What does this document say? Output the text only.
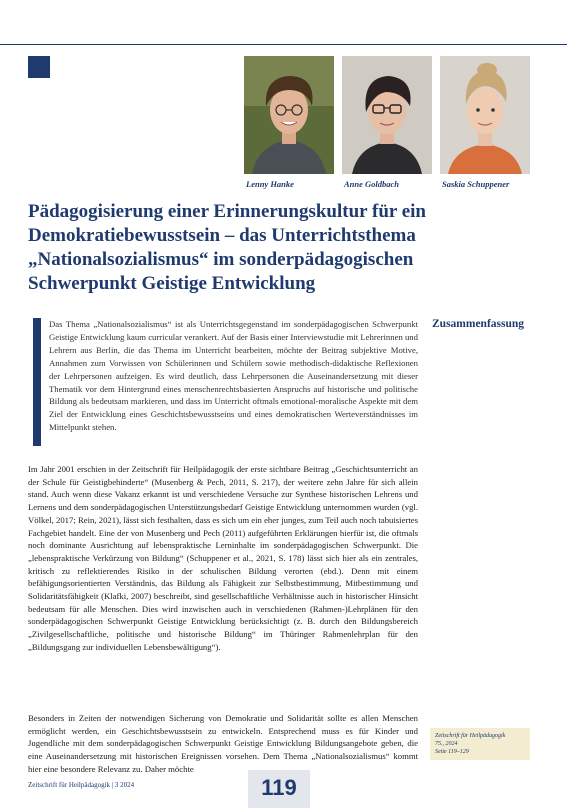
Lenny Hanke	Anne Goldbach	Saskia Schuppener
Pädagogisierung einer Erinnerungskultur für ein Demokratiebewusstsein – das Unterrichtsthema „Nationalsozialismus“ im sonderpädagogischen Schwerpunkt Geistige Entwicklung

Das Thema „Nationalsozialismus“ ist als Unterrichtsgegenstand im sonderpädagogischen Schwerpunkt Geistige Entwicklung kaum curricular verankert. Auf der Basis einer Interviewstudie mit Lehrerinnen und Lehrern aus Berlin, die das Thema im Unterricht bearbeiten, möchte der Beitrag subjektive Motive, Annahmen zum Vorwissen von Schülerinnen und Schülern sowie methodisch-didaktische Reflexionen der Lehrpersonen aufzeigen. Es wird deutlich, dass Lehrpersonen die Auseinandersetzung mit dieser Thematik vor dem Hintergrund eines menschenrechtsbasierten Anspruchs auf historische und politische Bildung als bedeutsam markieren, und dass im Unterricht oftmals emotional-moralische Aspekte mit dem Ziel der Entwicklung eines Geschichtsbewusstseins und eines demokratischen Werteverständnisses im Mittelpunkt stehen.

Zusammenfassung

Im Jahr 2001 erschien in der Zeitschrift für Heilpädagogik der erste sichtbare Beitrag „Geschichtsunterricht an der Schule für Geistigbehinderte“ (Musenberg & Pech, 2011, S. 217), der weitere zehn Jahre für sich allein stand. Auch wenn diese Vakanz erkannt ist und verschiedene Versuche zur Synthese historischen Lehrens und Lernens und dem sonderpädagogischen Unterstützungsbedarf Geistige Entwicklung unternommen wurden (vgl. Völkel, 2017; Rein, 2021), lässt sich festhalten, dass es sich um ein eher junges, zum Teil auch noch tabuisiertes Fachgebiet handelt. Eine der von Musenberg und Pech (2011) aufgeführten Erklärungen hierfür ist, die oftmals noch dominante Ausrichtung auf lebenspraktische Lerninhalte im sonderpädagogischen Schwerpunkt. Die „lebenspraktische Verkürzung von Bildung“ (Schuppener et al., 2021, S. 178) lässt sich hier als ein zentrales, kritisch zu reflektierendes Risiko in der schulischen Bildung verorten (ebd.). Denn mit einem befähigungsorientierten Verständnis, das Bildung als Fähigkeit zur Selbstbestimmung, Mitbestimmung und Solidaritätsfähigkeit (Klafki, 2007) beschreibt, sind gesellschaftliche Verhältnisse auch in historischer Hinsicht bedeutsam für alle Menschen. Dies wird inzwischen auch in verschiedenen (Rahmen-)Lehrplänen für den sonderpädagogischen Schwerpunkt Geistige Entwicklung berücksichtigt (z. B. durch den Bildungsbereich „Zivilgesellschaftliche, politische und historische Bildung“ im Thüringer Rahmenlehrplan für den „Bildungsgang zur individuellen Lebensbewältigung“).

Besonders in Zeiten der notwendigen Sicherung von Demokratie und Solidarität sollte es allen Menschen ermöglicht werden, ein Geschichtsbewusstsein zu entwickeln. Entsprechend muss es für Kinder und Jugendliche mit dem sonderpädagogischen Schwerpunkt Geistige Entwicklung Bildungsangebote geben, die eine Auseinandersetzung mit historischen Ereignissen vorsehen. Dem Thema „Nationalsozialismus“ kommt hier eine besondere Relevanz zu. Daher möchte

Zeitschrift für Heilpädagogik
75., 2024
Seite 119–129
Zeitschrift für Heilpädagogik | 3 2024	119
